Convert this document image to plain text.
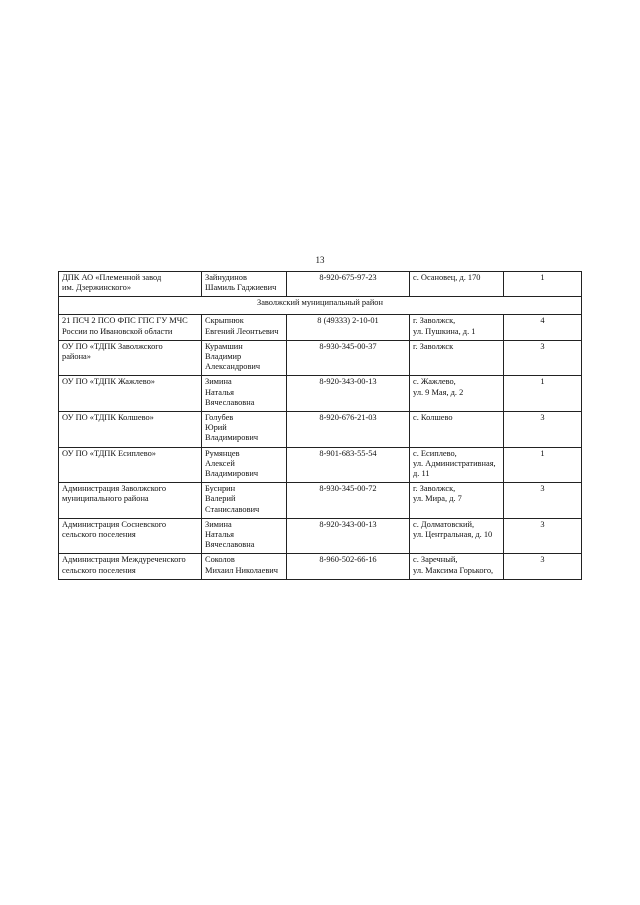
13
ДПК АО «Племенной завод
им. Дзержинского»	Зайнудинов
Шамиль Гаджиевич	8-920-675-97-23	с. Осановец, д. 170	1
Заволжский муниципальный район				

21 ПСЧ 2 ПСО ФПС ГПС ГУ МЧС
России по Ивановской области	Скрыпнюк
Евгений Леонтьевич	8 (49333) 2-10-01	г. Заволжск,
ул. Пушкина, д. 1	4

ОУ ПО «ТДПК Заволжского
района»	Курамшин
Владимир
Александрович	8-930-345-00-37	г. Заволжск	3

ОУ ПО «ТДПК Жажлево»	Зимина
Наталья
Вячеславовна	8-920-343-00-13	с. Жажлево,
ул. 9 Мая, д. 2	1

ОУ ПО «ТДПК Колшево»	Голубев
Юрий
Владимирович	8-920-676-21-03	с. Колшево	3

ОУ ПО «ТДПК Есиплево»	Румянцев
Алексей
Владимирович	8-901-683-55-54	с. Есиплево,
ул. Административная,
д. 11	1

Администрация Заволжского
муниципального района	Буснрин
Валерий
Станиславович	8-930-345-00-72	г. Заволжск,
ул. Мира, д. 7	3

Администрация Сосневского
сельского поселения	Зимина
Наталья
Вячеславовна	8-920-343-00-13	с. Долматовский,
ул. Центральная, д. 10	3

Администрация Междуреченского
сельского поселения	Соколов
Михаил Николаевич	8-960-502-66-16	с. Заречный,
ул. Максима Горького,	3
